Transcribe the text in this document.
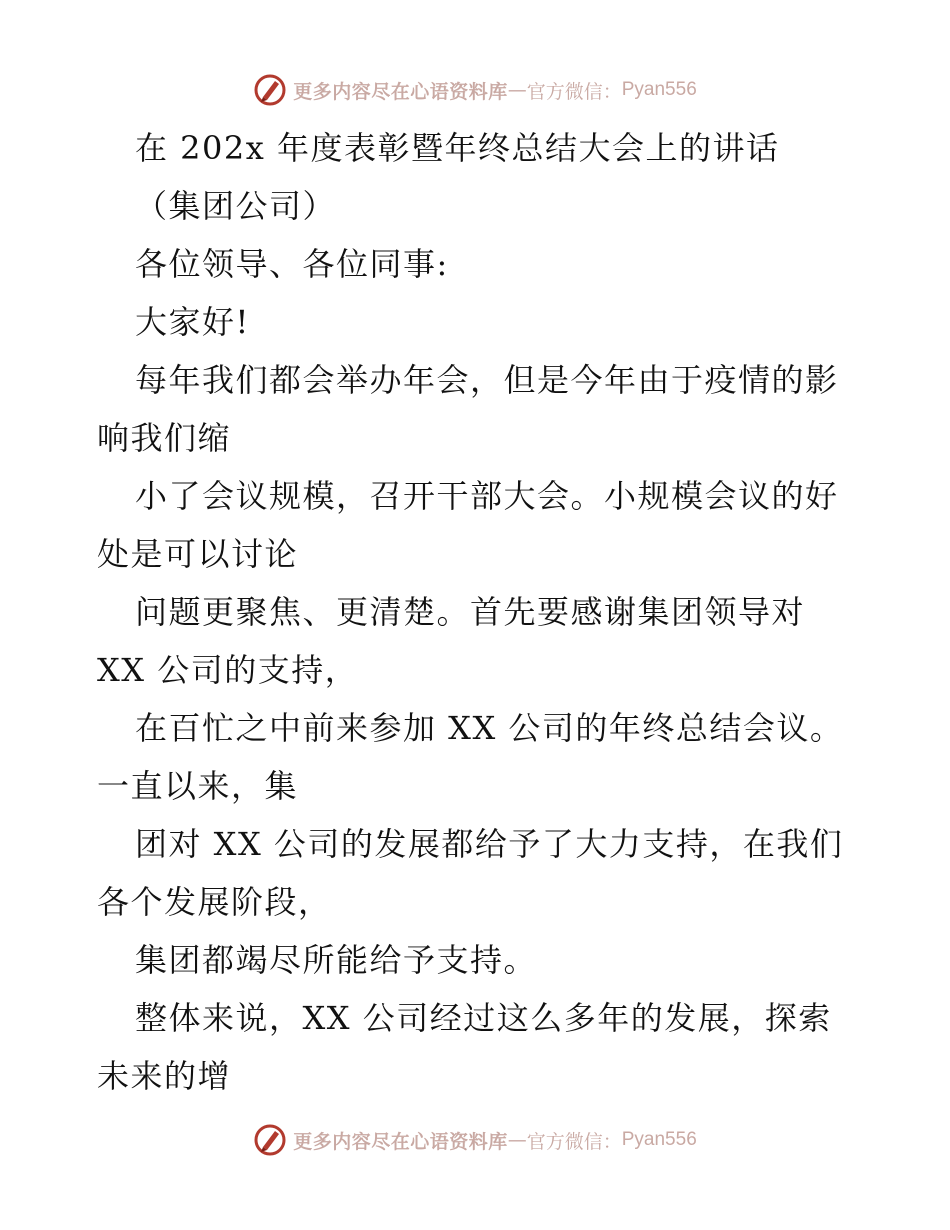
更多内容尽在心语资料库 — 官方微信： Pyan556
在 202x 年度表彰暨年终总结大会上的讲话
（集团公司）
各位领导、各位同事:
大家好!
每年我们都会举办年会，但是今年由于疫情的影
响我们缩
小了会议规模，召开干部大会。小规模会议的好
处是可以讨论
问题更聚焦、更清楚。首先要感谢集团领导对
XX 公司的支持，
在百忙之中前来参加 XX 公司的年终总结会议。
一直以来，集
团对 XX 公司的发展都给予了大力支持，在我们
各个发展阶段，
集团都竭尽所能给予支持。
整体来说，XX 公司经过这么多年的发展，探索
未来的增
更多内容尽在心语资料库 — 官方微信： Pyan556
